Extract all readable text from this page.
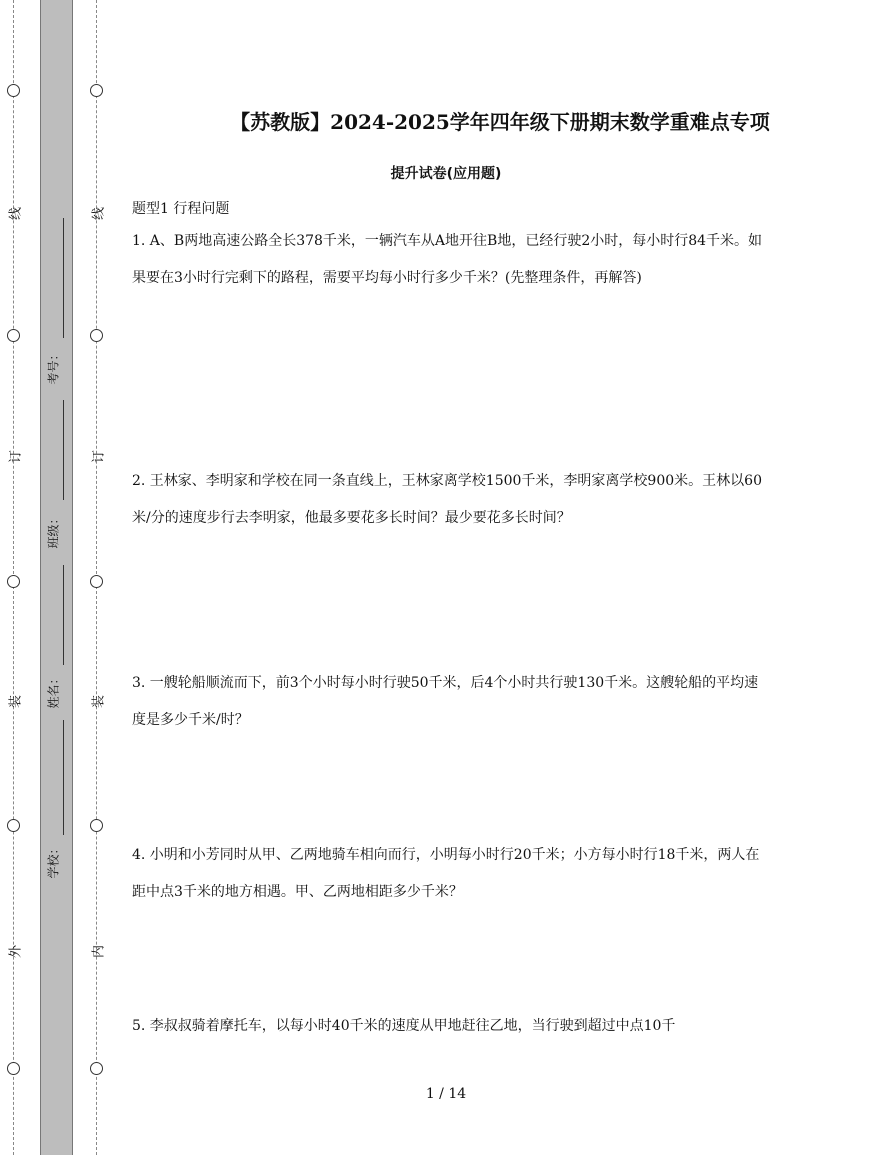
线
订
装
外
线
订
装
内
考号：
班级：
姓名：
学校：
【苏教版】2024-2025学年四年级下册期末数学重难点专项
提升试卷(应用题)
题型1 行程问题
1. A、B两地高速公路全长378千米，一辆汽车从A地开往B地，已经行驶2小时，每小时行84千米。如果要在3小时行完剩下的路程，需要平均每小时行多少千米？(先整理条件，再解答)
2. 王林家、李明家和学校在同一条直线上，王林家离学校1500千米，李明家离学校900米。王林以60米/分的速度步行去李明家，他最多要花多长时间？最少要花多长时间？
3. 一艘轮船顺流而下，前3个小时每小时行驶50千米，后4个小时共行驶130千米。这艘轮船的平均速度是多少千米/时？
4. 小明和小芳同时从甲、乙两地骑车相向而行，小明每小时行20千米；小方每小时行18千米，两人在距中点3千米的地方相遇。甲、乙两地相距多少千米？
5. 李叔叔骑着摩托车，以每小时40千米的速度从甲地赶往乙地，当行驶到超过中点10千
1 / 14
